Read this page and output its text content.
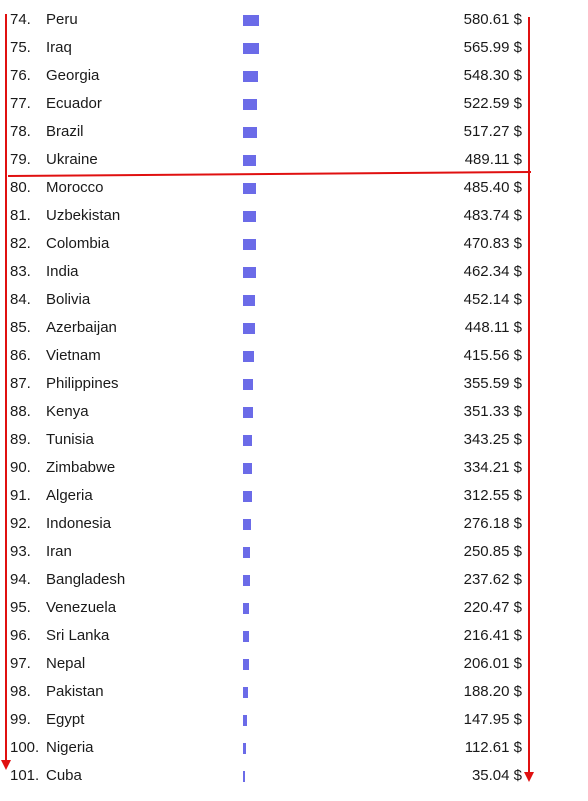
74. Peru	580.61 $
75. Iraq	565.99 $
76. Georgia	548.30 $
77. Ecuador	522.59 $
78. Brazil	517.27 $
79. Ukraine	489.11 $
80. Morocco	485.40 $
81. Uzbekistan	483.74 $
82. Colombia	470.83 $
83. India	462.34 $
84. Bolivia	452.14 $
85. Azerbaijan	448.11 $
86. Vietnam	415.56 $
87. Philippines	355.59 $
88. Kenya	351.33 $
89. Tunisia	343.25 $
90. Zimbabwe	334.21 $
91. Algeria	312.55 $
92. Indonesia	276.18 $
93. Iran	250.85 $
94. Bangladesh	237.62 $
95. Venezuela	220.47 $
96. Sri Lanka	216.41 $
97. Nepal	206.01 $
98. Pakistan	188.20 $
99. Egypt	147.95 $
100. Nigeria	112.61 $
101. Cuba	35.04 $
